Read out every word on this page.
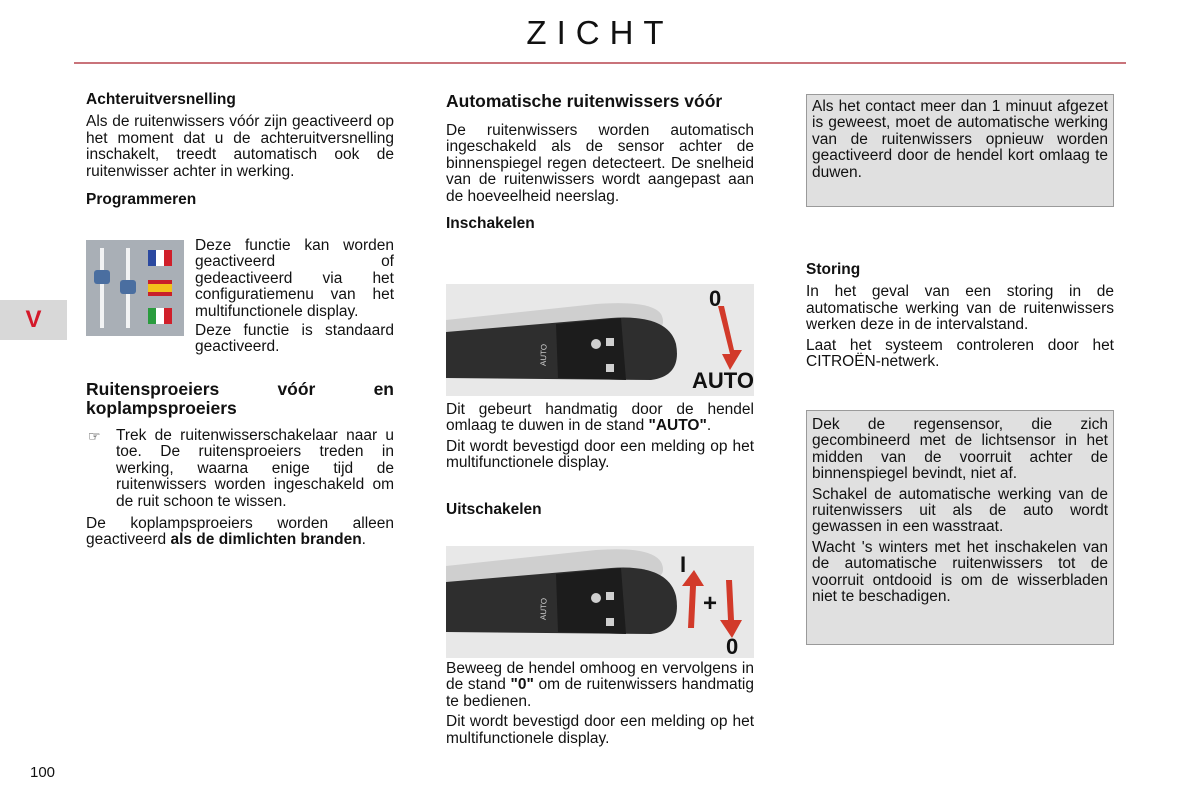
ZICHT
V
100

Achteruitversnelling

Als de ruitenwissers vóór zijn geactiveerd op het moment dat u de achteruitversnelling inschakelt, treedt automatisch ook de ruitenwisser achter in werking.

Programmeren

Deze functie kan worden geactiveerd of gedeactiveerd via het configuratiemenu van het multifunctionele display.

Deze functie is standaard geactiveerd.

Ruitensproeiers vóór en koplampsproeiers

☞ Trek de ruitenwisserschakelaar naar u toe. De ruitensproeiers treden in werking, waarna enige tijd de ruitenwissers worden ingeschakeld om de ruit schoon te wissen.

De koplampsproeiers worden alleen geactiveerd als de dimlichten branden.

Automatische ruitenwissers vóór

De ruitenwissers worden automatisch ingeschakeld als de sensor achter de binnenspiegel regen detecteert. De snelheid van de ruitenwissers wordt aangepast aan de hoeveelheid neerslag.

Inschakelen

AUTO
0
AUTO

Dit gebeurt handmatig door de hendel omlaag te duwen in de stand "AUTO".

Dit wordt bevestigd door een melding op het multifunctionele display.

Uitschakelen

AUTO
I
+
0

Beweeg de hendel omhoog en vervolgens in de stand "0" om de ruitenwissers handmatig te bedienen.

Dit wordt bevestigd door een melding op het multifunctionele display.

Als het contact meer dan 1 minuut afgezet is geweest, moet de automatische werking van de ruitenwissers opnieuw worden geactiveerd door de hendel kort omlaag te duwen.

Storing

In het geval van een storing in de automatische werking van de ruitenwissers werken deze in de intervalstand.

Laat het systeem controleren door het CITROËN-netwerk.

Dek de regensensor, die zich gecombineerd met de lichtsensor in het midden van de voorruit achter de binnenspiegel bevindt, niet af.

Schakel de automatische werking van de ruitenwissers uit als de auto wordt gewassen in een wasstraat.

Wacht 's winters met het inschakelen van de automatische ruitenwissers tot de voorruit ontdooid is om de wisserbladen niet te beschadigen.
